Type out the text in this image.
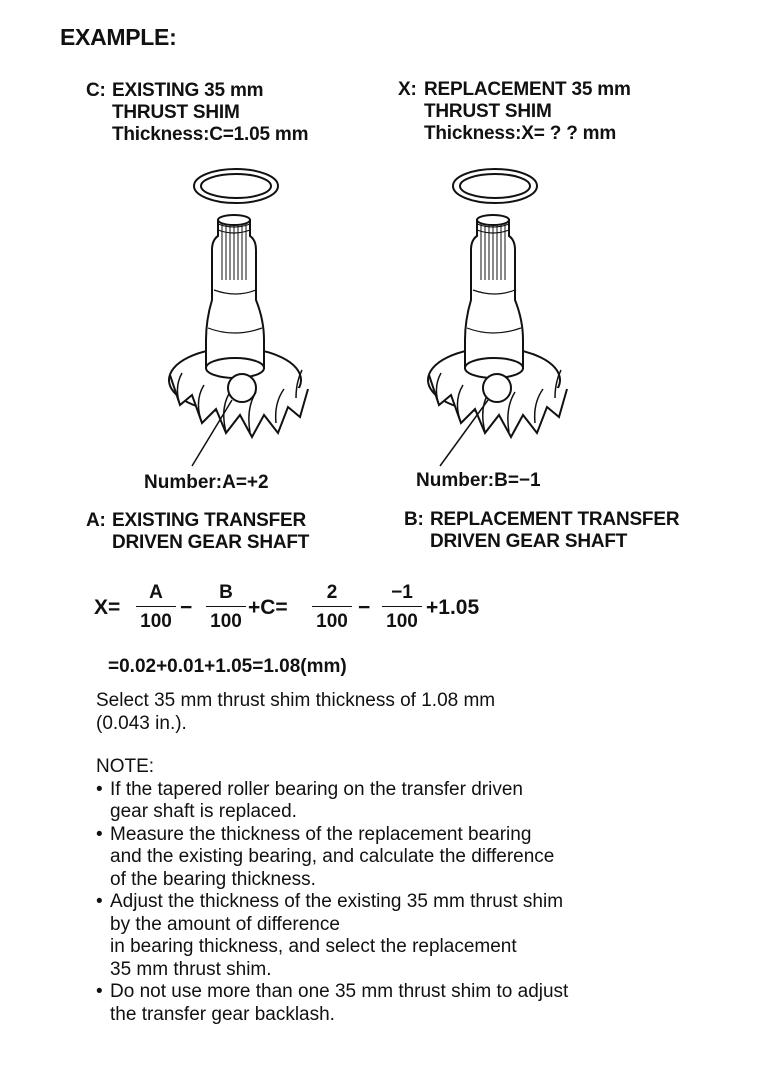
EXAMPLE:
C: EXISTING 35 mm
THRUST SHIM
Thickness:C=1.05 mm
X: REPLACEMENT 35 mm
THRUST SHIM
Thickness:X= ? ? mm
Number:A=+2	Number:B=−1
A: EXISTING TRANSFER
DRIVEN GEAR SHAFT
B: REPLACEMENT TRANSFER
DRIVEN GEAR SHAFT
$X= \frac{A}{100} - \frac{B}{100} +C= \frac{2}{100} - \frac{-1}{100} +1.05$
=0.02+0.01+1.05=1.08(mm)
Select 35 mm thrust shim thickness of 1.08 mm
(0.043 in.).
NOTE:
• If the tapered roller bearing on the transfer driven
gear shaft is replaced.
• Measure the thickness of the replacement bearing
and the existing bearing, and calculate the difference
of the bearing thickness.
• Adjust the thickness of the existing 35 mm thrust shim
by the amount of difference
in bearing thickness, and select the replacement
35 mm thrust shim.
• Do not use more than one 35 mm thrust shim to adjust
the transfer gear backlash.
